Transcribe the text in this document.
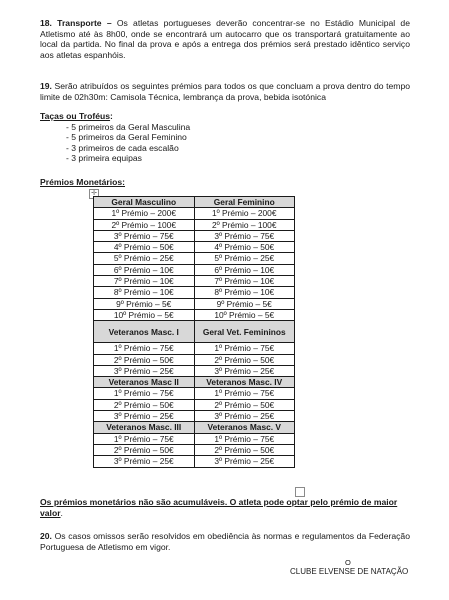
18. Transporte – Os atletas portugueses deverão concentrar-se no Estádio Municipal de Atletismo até às 8h00, onde se encontrará um autocarro que os transportará gratuitamente ao local da partida. No final da prova e após a entrega dos prémios será prestado idêntico serviço aos atletas espanhóis.

19. Serão atribuídos os seguintes prémios para todos os que concluam a prova dentro do tempo limite de 02h30m: Camisola Técnica, lembrança da prova, bebida isotónica

Taças ou Troféus:

- 5 primeiros da Geral Masculina
- 5 primeiros da Geral Feminino
- 3 primeiros de cada escalão
- 3 primeira equipas

Prémios Monetários:

✛
Geral Masculino	Geral Feminino
1º Prémio – 200€	1º Prémio – 200€
2º Prémio – 100€	2º Prémio – 100€
3º Prémio – 75€	3º Prémio – 75€
4º Prémio – 50€	4º Prémio – 50€
5º Prémio – 25€	5º Prémio – 25€
6º Prémio – 10€	6º Prémio – 10€
7º Prémio – 10€	7º Prémio – 10€
8º Prémio – 10€	8º Prémio – 10€
9º Prémio – 5€	9º Prémio – 5€
10º Prémio – 5€	10º Prémio – 5€
Veteranos Masc. I	Geral Vet. Femininos
1º Prémio – 75€	1º Prémio – 75€
2º Prémio – 50€	2º Prémio – 50€
3º Prémio – 25€	3º Prémio – 25€
Veteranos Masc II	Veteranos Masc. IV
1º Prémio – 75€	1º Prémio – 75€
2º Prémio – 50€	2º Prémio – 50€
3º Prémio – 25€	3º Prémio – 25€
Veteranos Masc. III	Veteranos Masc. V
1º Prémio – 75€	1º Prémio – 75€
2º Prémio – 50€	2º Prémio – 50€
3º Prémio – 25€	3º Prémio – 25€

Os prémios monetários não são acumuláveis. O atleta pode optar pelo prémio de maior valor.

20. Os casos omissos serão resolvidos em obediência às normas e regulamentos da Federação Portuguesa de Atletismo em vigor.

O
CLUBE ELVENSE DE NATAÇÃO
